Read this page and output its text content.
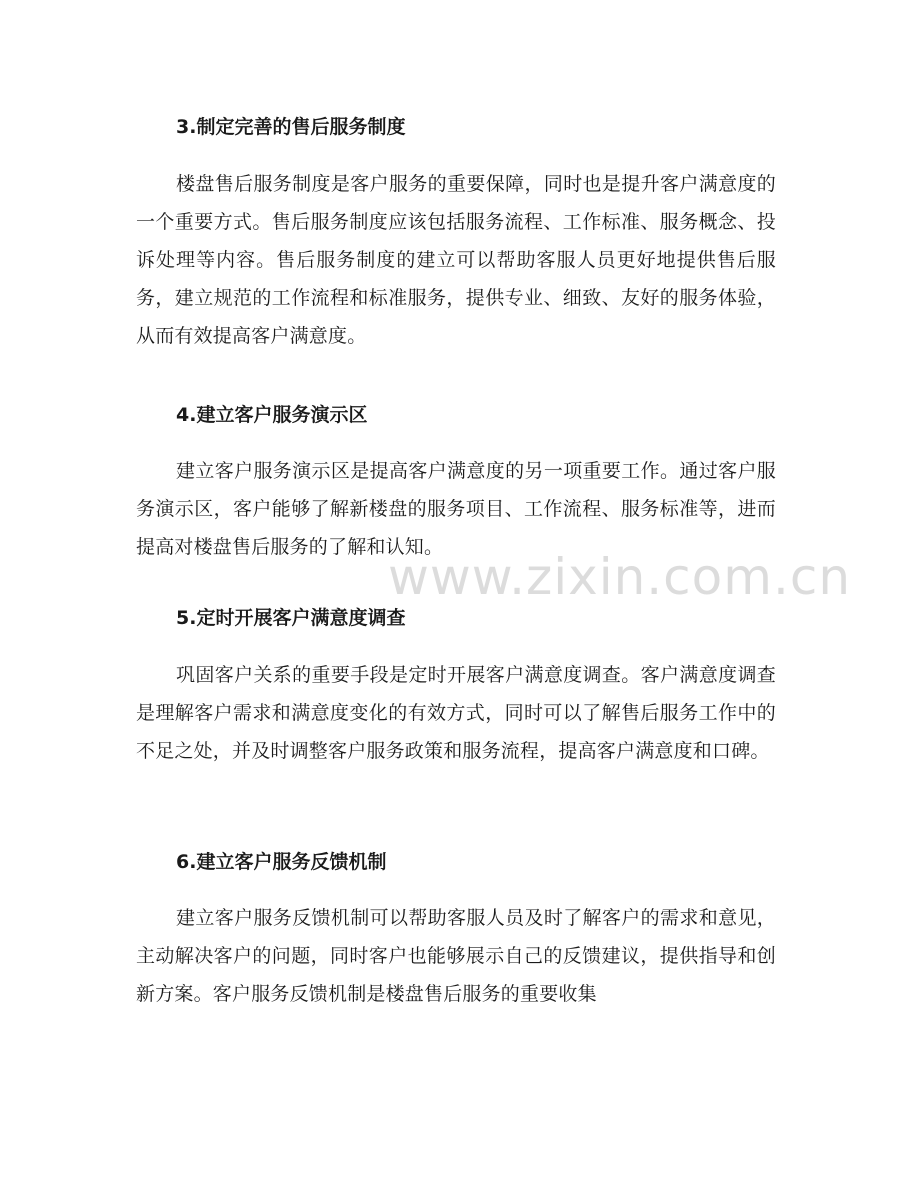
www.zixin.com.cn
3.制定完善的售后服务制度
楼盘售后服务制度是客户服务的重要保障，同时也是提升客户满意度的一个重要方式。售后服务制度应该包括服务流程、工作标准、服务概念、投诉处理等内容。售后服务制度的建立可以帮助客服人员更好地提供售后服务，建立规范的工作流程和标准服务，提供专业、细致、友好的服务体验，从而有效提高客户满意度。
4.建立客户服务演示区
建立客户服务演示区是提高客户满意度的另一项重要工作。通过客户服务演示区，客户能够了解新楼盘的服务项目、工作流程、服务标准等，进而提高对楼盘售后服务的了解和认知。
5.定时开展客户满意度调查
巩固客户关系的重要手段是定时开展客户满意度调查。客户满意度调查是理解客户需求和满意度变化的有效方式，同时可以了解售后服务工作中的不足之处，并及时调整客户服务政策和服务流程，提高客户满意度和口碑。
6.建立客户服务反馈机制
建立客户服务反馈机制可以帮助客服人员及时了解客户的需求和意见，主动解决客户的问题，同时客户也能够展示自己的反馈建议，提供指导和创新方案。客户服务反馈机制是楼盘售后服务的重要收集
